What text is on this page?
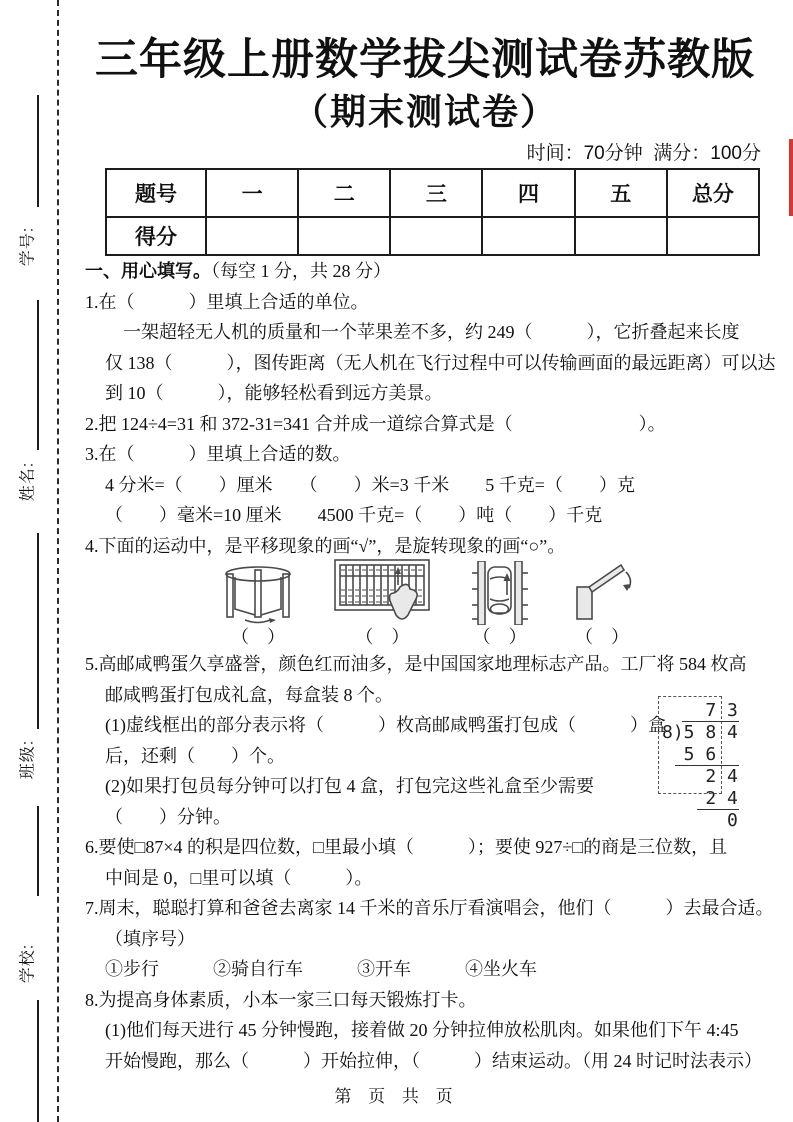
学号:
姓名:
班级:
学校:
三年级上册数学拔尖测试卷苏教版
（期末测试卷）
时间：70分钟  满分：100分
题号	一	二	三	四	五	总分
得分						
一、用心填写。（每空 1 分，共 28 分）
1.在（　　　）里填上合适的单位。
一架超轻无人机的质量和一个苹果差不多，约 249（　　　），它折叠起来长度
仅 138（　　　），图传距离（无人机在飞行过程中可以传输画面的最远距离）可以达
到 10（　　　），能够轻松看到远方美景。
2.把 124÷4=31 和 372-31=341 合并成一道综合算式是（　　　　　　　）。
3.在（　　　）里填上合适的数。
4 分米=（　　）厘米　　（　　）米=3 千米　　5 千克=（　　）克
（　　）毫米=10 厘米　　4500 千克=（　　）吨（　　）千克
4.下面的运动中，是平移现象的画“√”，是旋转现象的画“○”。
（　）	（　）	（　）	（　）
5.高邮咸鸭蛋久享盛誉，颜色红而油多，是中国国家地理标志产品。工厂将 584 枚高
邮咸鸭蛋打包成礼盒，每盒装 8 个。
(1)虚线框出的部分表示将（　　　）枚高邮咸鸭蛋打包成（　　　）盒
后，还剩（　　）个。
(2)如果打包员每分钟可以打包 4 盒，打包完这些礼盒至少需要
（　　）分钟。
6.要使□87×4 的积是四位数，□里最小填（　　　）；要使 927÷□的商是三位数，且
中间是 0，□里可以填（　　　）。
7.周末，聪聪打算和爸爸去离家 14 千米的音乐厅看演唱会，他们（　　　）去最合适。
（填序号）
①步行　　　②骑自行车　　　③开车　　　④坐火车
8.为提高身体素质，小本一家三口每天锻炼打卡。
(1)他们每天进行 45 分钟慢跑，接着做 20 分钟拉伸放松肌肉。如果他们下午 4:45
开始慢跑，那么（　　　）开始拉伸，（　　　）结束运动。（用 24 时记时法表示）
7 3
8)5 8 4
5 6
2 4
2 4
0
第 页 共 页
